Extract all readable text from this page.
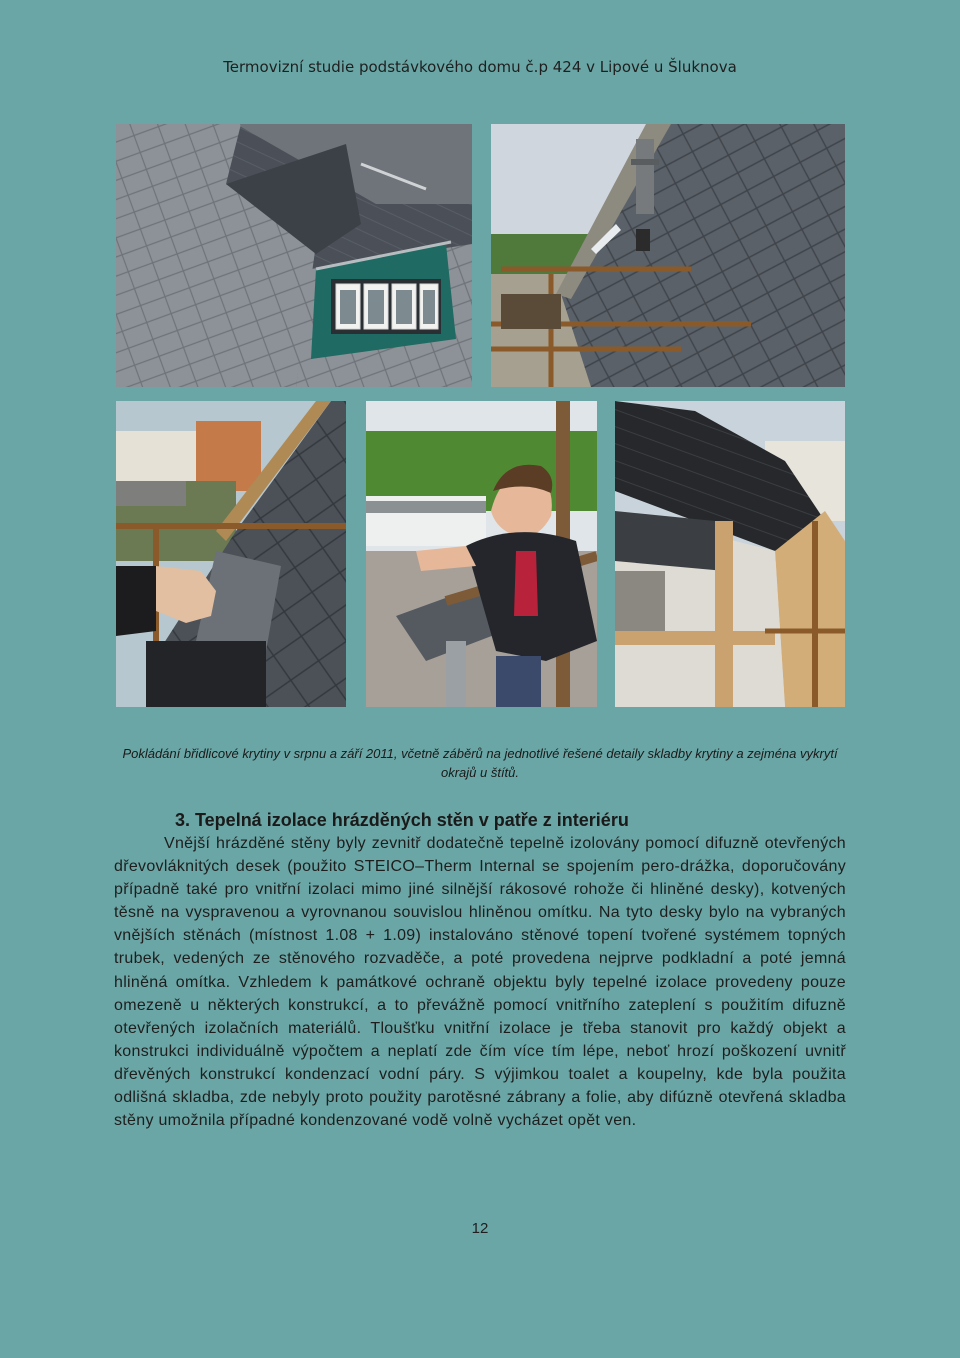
Termovizní studie podstávkového domu č.p 424 v Lipové u Šluknova
Pokládání břidlicové krytiny v srpnu a září 2011, včetně záběrů na jednotlivé řešené detaily skladby krytiny a zejména vykrytí okrajů u štítů.
3. Tepelná izolace hrázděných stěn v patře z interiéru
Vnější hrázděné stěny byly zevnitř dodatečně tepelně izolovány pomocí difuzně otevřených dřevovláknitých desek (použito STEICO–Therm Internal se spojením pero-drážka, doporučovány případně také pro vnitřní izolaci mimo jiné silnější rákosové rohože či hliněné desky), kotvených těsně na vyspravenou a vyrovnanou souvislou hliněnou omítku. Na tyto desky bylo na vybraných vnějších stěnách (místnost 1.08 + 1.09) instalováno stěnové topení tvořené systémem topných trubek, vedených ze stěnového rozvaděče, a poté provedena nejprve podkladní a poté jemná hliněná omítka. Vzhledem k památkové ochraně objektu byly tepelné izolace provedeny pouze omezeně u některých konstrukcí, a to převážně pomocí vnitřního zateplení s použitím difuzně otevřených izolačních materiálů. Tloušťku vnitřní izolace je třeba stanovit pro každý objekt a konstrukci individuálně výpočtem a neplatí zde čím více tím lépe, neboť hrozí poškození uvnitř dřevěných konstrukcí kondenzací vodní páry. S výjimkou toalet a koupelny, kde byla použita odlišná skladba, zde nebyly proto použity parotěsné zábrany a folie, aby difúzně otevřená skladba stěny umožnila případné kondenzované vodě volně vycházet opět ven.
12
